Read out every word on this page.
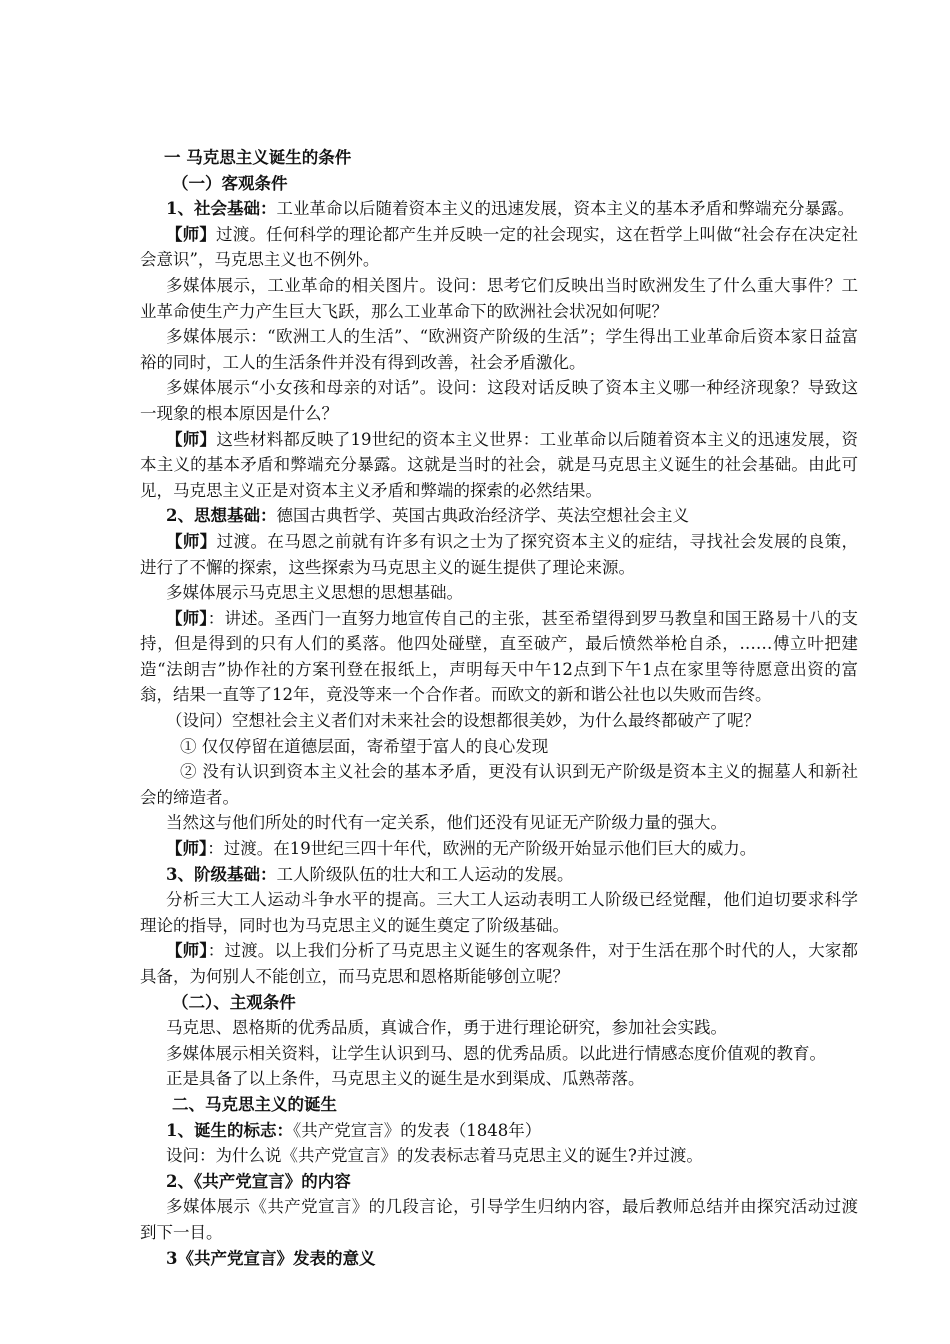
一 马克思主义诞生的条件

（一）客观条件

1、社会基础：工业革命以后随着资本主义的迅速发展，资本主义的基本矛盾和弊端充分暴露。

【师】过渡。任何科学的理论都产生并反映一定的社会现实，这在哲学上叫做“社会存在决定社会意识”，马克思主义也不例外。

多媒体展示，工业革命的相关图片。设问：思考它们反映出当时欧洲发生了什么重大事件？工业革命使生产力产生巨大飞跃，那么工业革命下的欧洲社会状况如何呢？

多媒体展示：“欧洲工人的生活”、“欧洲资产阶级的生活”；学生得出工业革命后资本家日益富裕的同时，工人的生活条件并没有得到改善，社会矛盾激化。

多媒体展示“小女孩和母亲的对话”。设问：这段对话反映了资本主义哪一种经济现象？导致这一现象的根本原因是什么？

【师】这些材料都反映了19世纪的资本主义世界：工业革命以后随着资本主义的迅速发展，资本主义的基本矛盾和弊端充分暴露。这就是当时的社会，就是马克思主义诞生的社会基础。由此可见，马克思主义正是对资本主义矛盾和弊端的探索的必然结果。

2、思想基础：德国古典哲学、英国古典政治经济学、英法空想社会主义

【师】过渡。在马恩之前就有许多有识之士为了探究资本主义的症结，寻找社会发展的良策，进行了不懈的探索，这些探索为马克思主义的诞生提供了理论来源。

多媒体展示马克思主义思想的思想基础。

【师】：讲述。圣西门一直努力地宣传自己的主张，甚至希望得到罗马教皇和国王路易十八的支持，但是得到的只有人们的奚落。他四处碰壁，直至破产，最后愤然举枪自杀，……傅立叶把建造“法朗吉”协作社的方案刊登在报纸上，声明每天中午12点到下午1点在家里等待愿意出资的富翁，结果一直等了12年，竟没等来一个合作者。而欧文的新和谐公社也以失败而告终。

（设问）空想社会主义者们对未来社会的设想都很美妙，为什么最终都破产了呢？

① 仅仅停留在道德层面，寄希望于富人的良心发现

② 没有认识到资本主义社会的基本矛盾，更没有认识到无产阶级是资本主义的掘墓人和新社会的缔造者。

当然这与他们所处的时代有一定关系，他们还没有见证无产阶级力量的强大。

【师】：过渡。在19世纪三四十年代，欧洲的无产阶级开始显示他们巨大的威力。

3、阶级基础：工人阶级队伍的壮大和工人运动的发展。

分析三大工人运动斗争水平的提高。三大工人运动表明工人阶级已经觉醒，他们迫切要求科学理论的指导，同时也为马克思主义的诞生奠定了阶级基础。

【师】：过渡。以上我们分析了马克思主义诞生的客观条件，对于生活在那个时代的人，大家都具备，为何别人不能创立，而马克思和恩格斯能够创立呢？

（二）、主观条件

马克思、恩格斯的优秀品质，真诚合作，勇于进行理论研究，参加社会实践。

多媒体展示相关资料，让学生认识到马、恩的优秀品质。以此进行情感态度价值观的教育。

正是具备了以上条件，马克思主义的诞生是水到渠成、瓜熟蒂落。

二、马克思主义的诞生

1、诞生的标志：《共产党宣言》的发表（1848年）

设问：为什么说《共产党宣言》的发表标志着马克思主义的诞生?并过渡。

2、《共产党宣言》的内容

多媒体展示《共产党宣言》的几段言论，引导学生归纳内容，最后教师总结并由探究活动过渡到下一目。

3《共产党宣言》发表的意义
